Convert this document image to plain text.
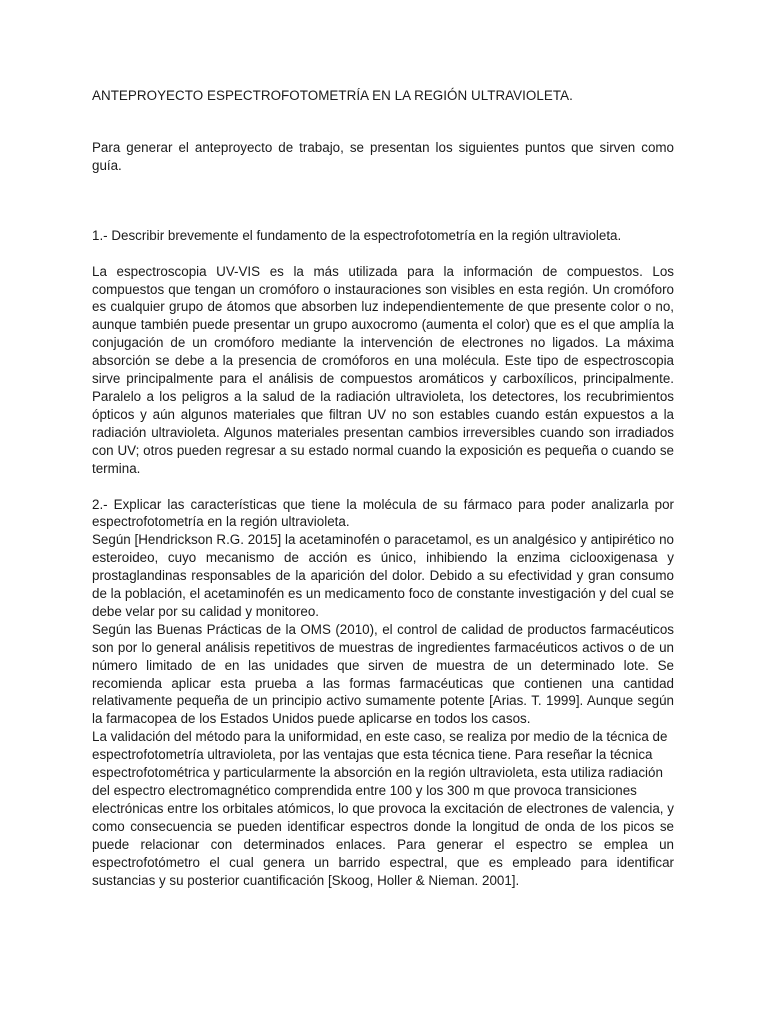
ANTEPROYECTO ESPECTROFOTOMETRÍA EN LA REGIÓN ULTRAVIOLETA.

Para generar el anteproyecto de trabajo, se presentan los siguientes puntos que sirven como guía.

1.- Describir brevemente el fundamento de la espectrofotometría en la región ultravioleta.

La espectroscopia UV-VIS es la más utilizada para la información de compuestos. Los compuestos que tengan un cromóforo o instauraciones son visibles en esta región. Un cromóforo es cualquier grupo de átomos que absorben luz independientemente de que presente color o no, aunque también puede presentar un grupo auxocromo (aumenta el color) que es el que amplía la conjugación de un cromóforo mediante la intervención de electrones no ligados. La máxima absorción se debe a la presencia de cromóforos en una molécula. Este tipo de espectroscopia sirve principalmente para el análisis de compuestos aromáticos y carboxílicos, principalmente. Paralelo a los peligros a la salud de la radiación ultravioleta, los detectores, los recubrimientos ópticos y aún algunos materiales que filtran UV no son estables cuando están expuestos a la radiación ultravioleta. Algunos materiales presentan cambios irreversibles cuando son irradiados con UV; otros pueden regresar a su estado normal cuando la exposición es pequeña o cuando se termina.

2.- Explicar las características que tiene la molécula de su fármaco para poder analizarla por espectrofotometría en la región ultravioleta.

Según [Hendrickson R.G. 2015] la acetaminofén o paracetamol, es un analgésico y antipirético no esteroideo, cuyo mecanismo de acción es único, inhibiendo la enzima ciclooxigenasa y prostaglandinas responsables de la aparición del dolor. Debido a su efectividad y gran consumo de la población, el acetaminofén es un medicamento foco de constante investigación y del cual se debe velar por su calidad y monitoreo.

Según las Buenas Prácticas de la OMS (2010), el control de calidad de productos farmacéuticos son por lo general análisis repetitivos de muestras de ingredientes farmacéuticos activos o de un número limitado de en las unidades que sirven de muestra de un determinado lote. Se recomienda aplicar esta prueba a las formas farmacéuticas que contienen una cantidad relativamente pequeña de un principio activo sumamente potente [Arias. T. 1999]. Aunque según la farmacopea de los Estados Unidos puede aplicarse en todos los casos.

La validación del método para la uniformidad, en este caso, se realiza por medio de la técnica de espectrofotometría ultravioleta, por las ventajas que esta técnica tiene. Para reseñar la técnica espectrofotométrica y particularmente la absorción en la región ultravioleta, esta utiliza radiación del espectro electromagnético comprendida entre 100 y los 300 m que provoca transiciones

electrónicas entre los orbitales atómicos, lo que provoca la excitación de electrones de valencia, y como consecuencia se pueden identificar espectros donde la longitud de onda de los picos se puede relacionar con determinados enlaces. Para generar el espectro se emplea un espectrofotómetro el cual genera un barrido espectral, que es empleado para identificar sustancias y su posterior cuantificación [Skoog, Holler & Nieman. 2001].
